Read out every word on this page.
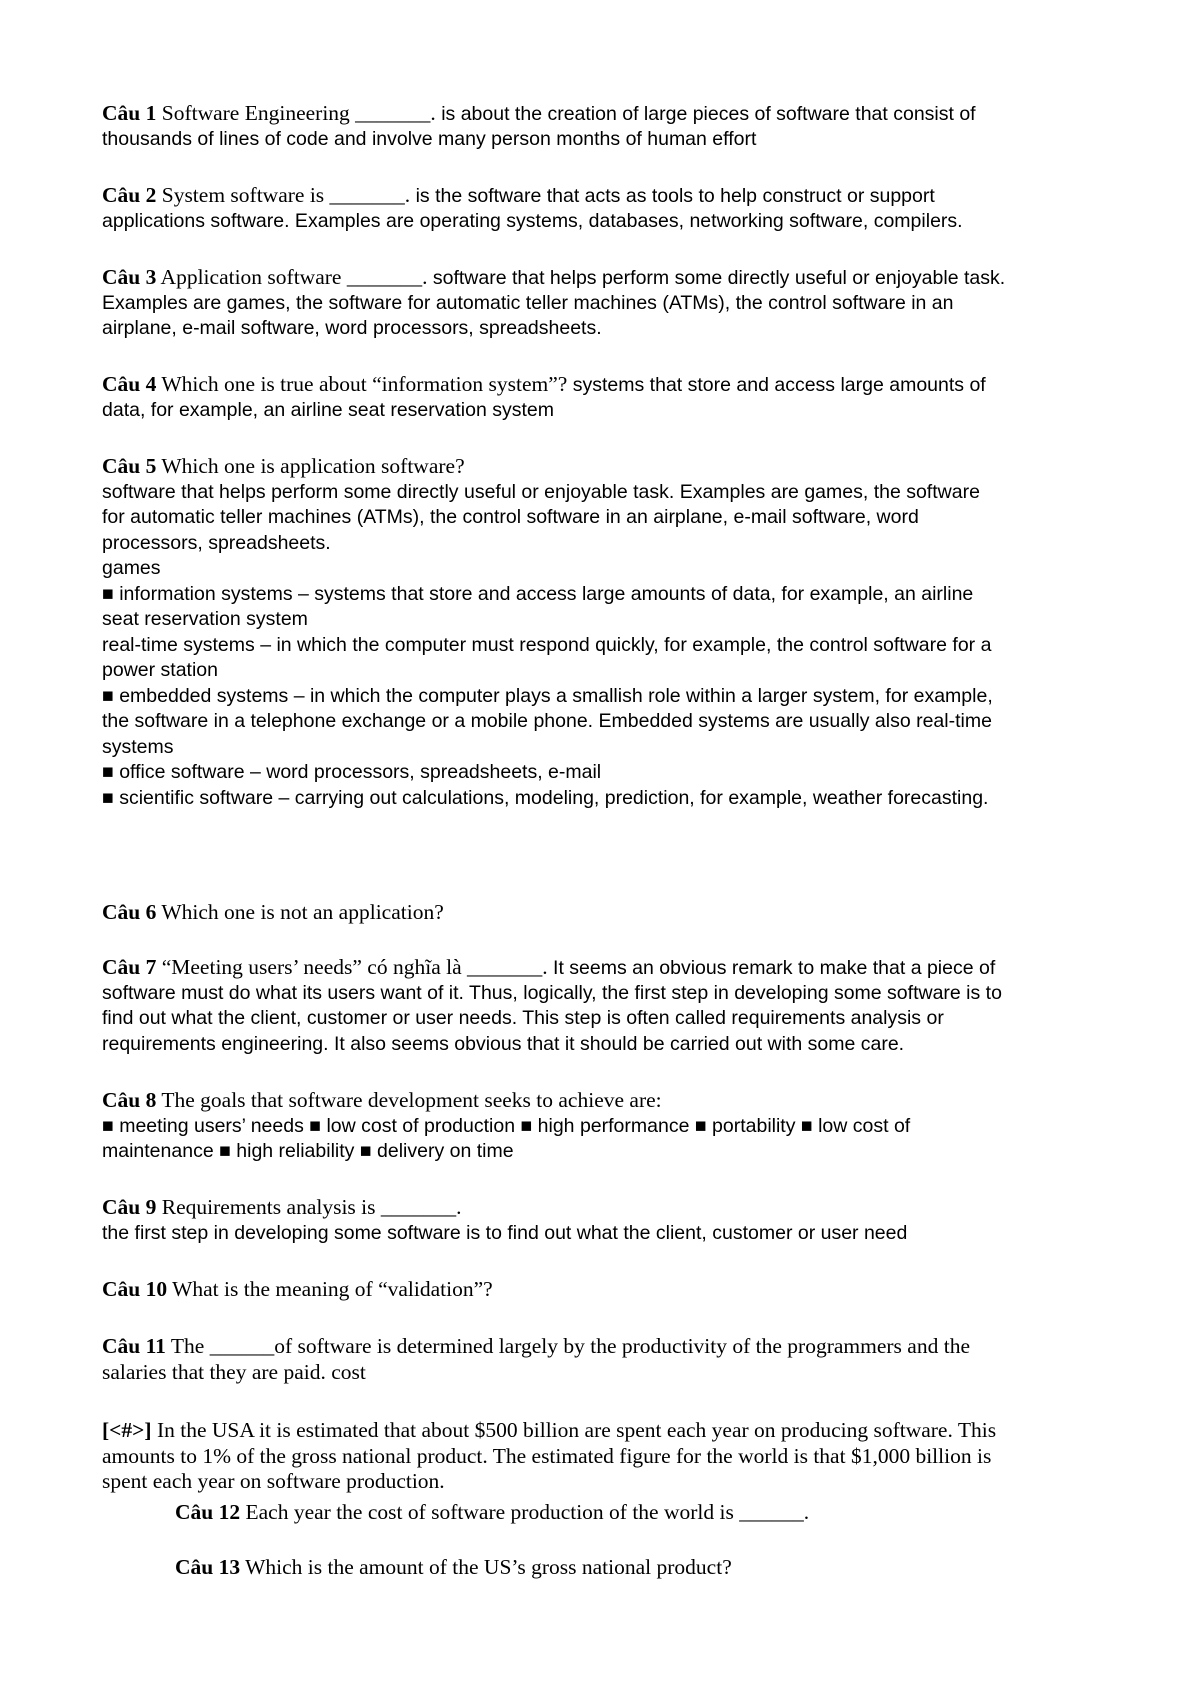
Câu 1 Software Engineering _______. is about the creation of large pieces of software that consist of
thousands of lines of code and involve many person months of human effort
Câu 2 System software is _______. is the software that acts as tools to help construct or support
applications software. Examples are operating systems, databases, networking software, compilers.
Câu 3 Application software _______. software that helps perform some directly useful or enjoyable task.
Examples are games, the software for automatic teller machines (ATMs), the control software in an
airplane, e-mail software, word processors, spreadsheets.
Câu 4 Which one is true about “information system”? systems that store and access large amounts of
data, for example, an airline seat reservation system
Câu 5 Which one is application software?
software that helps perform some directly useful or enjoyable task. Examples are games, the software
for automatic teller machines (ATMs), the control software in an airplane, e-mail software, word
processors, spreadsheets.
games
■ information systems – systems that store and access large amounts of data, for example, an airline
seat reservation system
real-time systems – in which the computer must respond quickly, for example, the control software for a
power station
■ embedded systems – in which the computer plays a smallish role within a larger system, for example,
the software in a telephone exchange or a mobile phone. Embedded systems are usually also real-time
systems
■ office software – word processors, spreadsheets, e-mail
■ scientific software – carrying out calculations, modeling, prediction, for example, weather forecasting.
Câu 6 Which one is not an application?
Câu 7 “Meeting users’ needs” có nghĩa là _______. It seems an obvious remark to make that a piece of
software must do what its users want of it. Thus, logically, the first step in developing some software is to
find out what the client, customer or user needs. This step is often called requirements analysis or
requirements engineering. It also seems obvious that it should be carried out with some care.
Câu 8 The goals that software development seeks to achieve are:
■ meeting users’ needs ■ low cost of production ■ high performance ■ portability ■ low cost of
maintenance ■ high reliability ■ delivery on time
Câu 9 Requirements analysis is _______.
the first step in developing some software is to find out what the client, customer or user need
Câu 10 What is the meaning of “validation”?
Câu 11 The ______of software is determined largely by the productivity of the programmers and the
salaries that they are paid. cost
[<#>] In the USA it is estimated that about $500 billion are spent each year on producing software. This
amounts to 1% of the gross national product. The estimated figure for the world is that $1,000 billion is
spent each year on software production.
Câu 12 Each year the cost of software production of the world is ______.
Câu 13 Which is the amount of the US’s gross national product?
